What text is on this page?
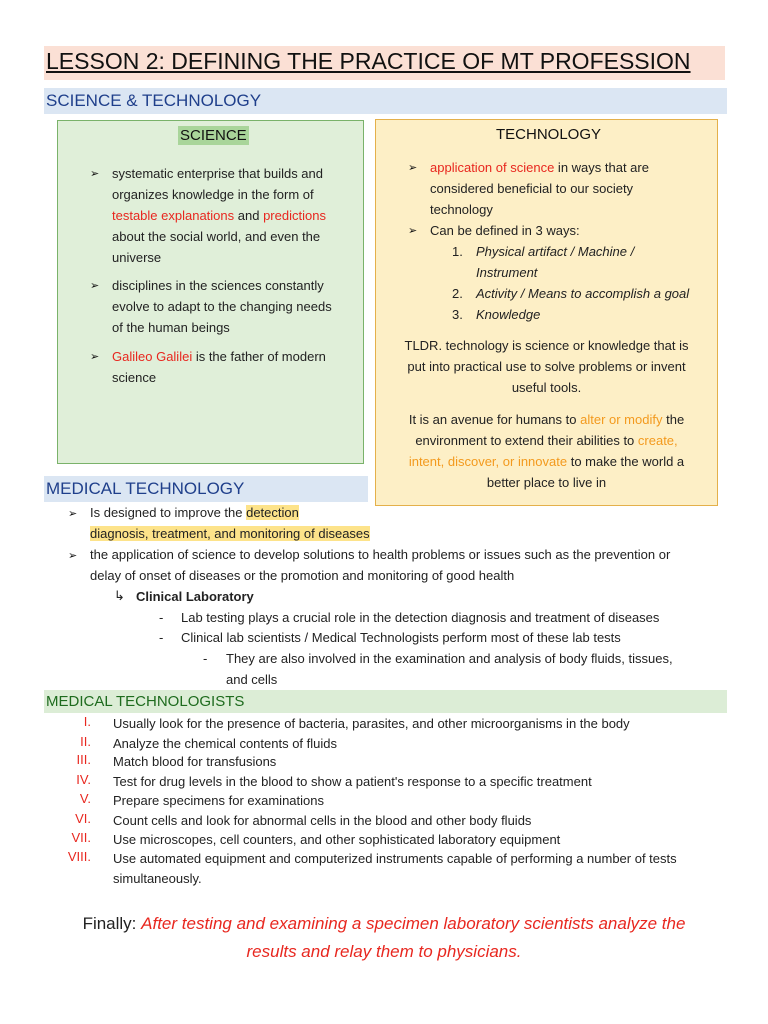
LESSON 2: DEFINING THE PRACTICE OF MT PROFESSION
SCIENCE & TECHNOLOGY
SCIENCE
➢ systematic enterprise that builds and
organizes knowledge in the form of
testable explanations and predictions
about the social world, and even the
universe
➢ disciplines in the sciences constantly
evolve to adapt to the changing needs
of the human beings
➢ Galileo Galilei is the father of modern
science
TECHNOLOGY
➢ application of science in ways that are
considered beneficial to our society
technology
➢ Can be defined in 3 ways:
1. Physical artifact / Machine /
Instrument
2. Activity / Means to accomplish a goal
3. Knowledge
TLDR. technology is science or knowledge that is
put into practical use to solve problems or invent
useful tools.
It is an avenue for humans to alter or modify the
environment to extend their abilities to create,
intent, discover, or innovate to make the world a
better place to live in
MEDICAL TECHNOLOGY
➢ Is designed to improve the detection
diagnosis, treatment, and monitoring of diseases
➢ the application of science to develop solutions to health problems or issues such as the prevention or
delay of onset of diseases or the promotion and monitoring of good health
↳ Clinical Laboratory
- Lab testing plays a crucial role in the detection diagnosis and treatment of diseases
- Clinical lab scientists / Medical Technologists perform most of these lab tests
- They are also involved in the examination and analysis of body fluids, tissues,
and cells
MEDICAL TECHNOLOGISTS
I. Usually look for the presence of bacteria, parasites, and other microorganisms in the body
II. Analyze the chemical contents of fluids
III. Match blood for transfusions
IV. Test for drug levels in the blood to show a patient's response to a specific treatment
V. Prepare specimens for examinations
VI. Count cells and look for abnormal cells in the blood and other body fluids
VII. Use microscopes, cell counters, and other sophisticated laboratory equipment
VIII. Use automated equipment and computerized instruments capable of performing a number of tests
simultaneously.
Finally: After testing and examining a specimen laboratory scientists analyze the
results and relay them to physicians.
